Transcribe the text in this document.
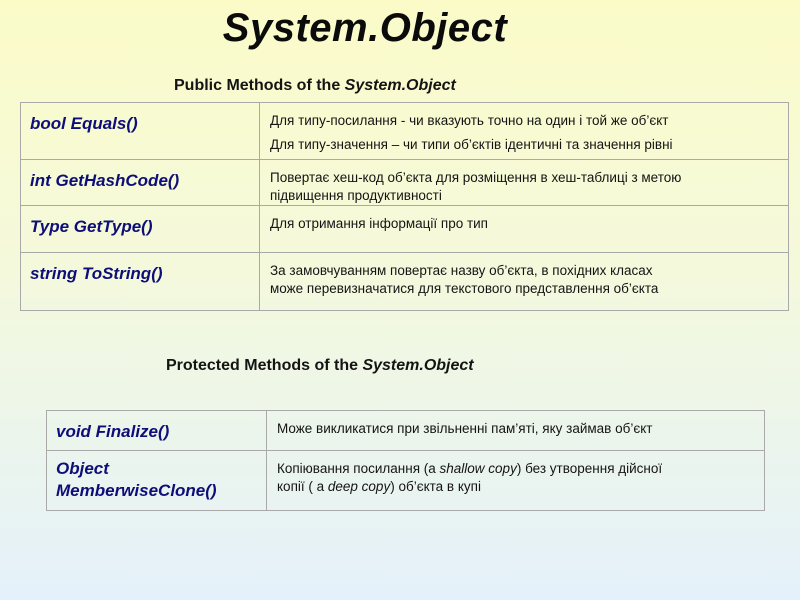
System.Object
Public Methods of the System.Object
bool Equals()	Для типу-посилання - чи вказують точно на один і той же об’єкт
Для типу-значення – чи типи об’єктів ідентичні та значення рівні

int GetHashCode()	Повертає хеш-код об’єкта для розміщення в хеш-таблиці з метою
підвищення продуктивності

Type GetType()	Для отримання інформації про тип

string ToString()	За замовчуванням повертає назву об’єкта, в похідних класах
може перевизначатися для текстового представлення об’єкта
Protected Methods of the System.Object
void Finalize()	Може викликатися при звільненні пам’яті, яку займав об’єкт

Object
MemberwiseClone()	Копіювання посилання (а shallow copy) без утворення дійсної
копії ( а deep copy) об’єкта в купі
